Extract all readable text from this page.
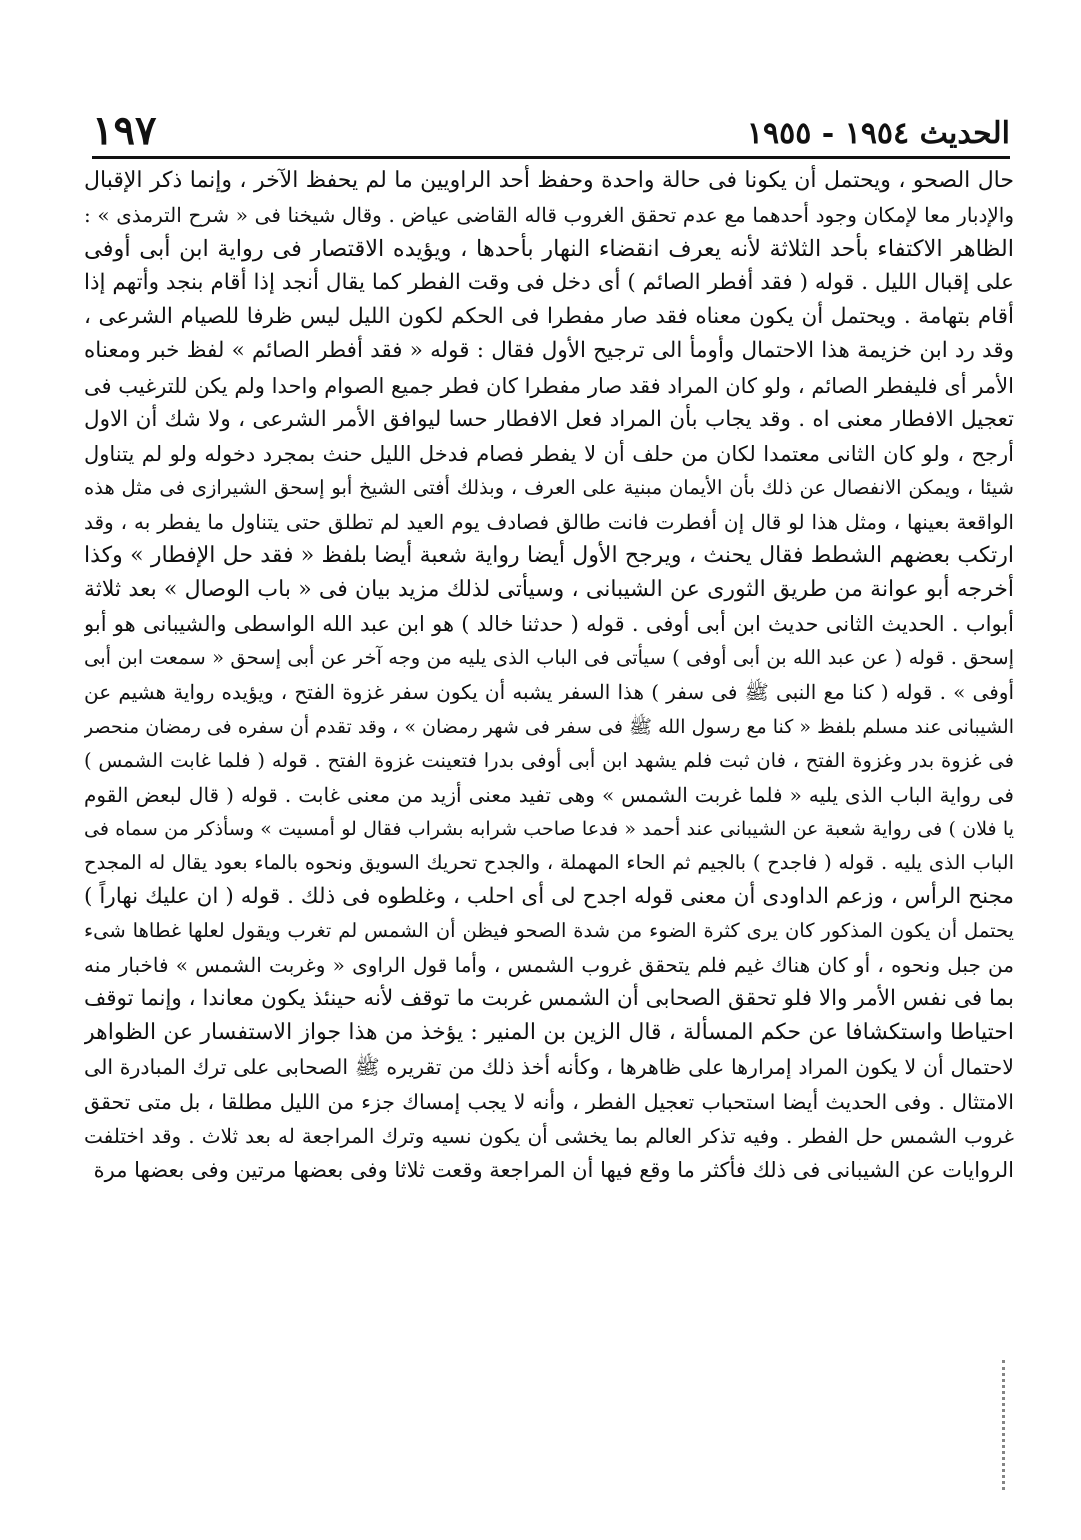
الحديث ١٩٥٤ - ١٩٥٥
١٩٧
حال الصحو ، ويحتمل أن يكونا فى حالة واحدة وحفظ أحد الراويين ما لم يحفظ الآخر ، وإنما ذكر الإقبال
والإدبار معا لإمكان وجود أحدهما مع عدم تحقق الغروب قاله القاضى عياض . وقال شيخنا فى « شرح الترمذى » :
الظاهر الاكتفاء بأحد الثلاثة لأنه يعرف انقضاء النهار بأحدها ، ويؤيده الاقتصار فى رواية ابن أبى أوفى
على إقبال الليل . قوله ( فقد أفطر الصائم ) أى دخل فى وقت الفطر كما يقال أنجد إذا أقام بنجد وأتهم إذا
أقام بتهامة . ويحتمل أن يكون معناه فقد صار مفطرا فى الحكم لكون الليل ليس ظرفا للصيام الشرعى ،
وقد رد ابن خزيمة هذا الاحتمال وأومأ الى ترجيح الأول فقال : قوله « فقد أفطر الصائم » لفظ خبر ومعناه
الأمر أى فليفطر الصائم ، ولو كان المراد فقد صار مفطرا كان فطر جميع الصوام واحدا ولم يكن للترغيب فى
تعجيل الافطار معنى اه . وقد يجاب بأن المراد فعل الافطار حسا ليوافق الأمر الشرعى ، ولا شك أن الاول
أرجح ، ولو كان الثانى معتمدا لكان من حلف أن لا يفطر فصام فدخل الليل حنث بمجرد دخوله ولو لم يتناول
شيئا ، ويمكن الانفصال عن ذلك بأن الأيمان مبنية على العرف ، وبذلك أفتى الشيخ أبو إسحق الشيرازى فى مثل هذه
الواقعة بعينها ، ومثل هذا لو قال إن أفطرت فانت طالق فصادف يوم العيد لم تطلق حتى يتناول ما يفطر به ، وقد
ارتكب بعضهم الشطط فقال يحنث ، ويرجح الأول أيضا رواية شعبة أيضا بلفظ « فقد حل الإفطار » وكذا
أخرجه أبو عوانة من طريق الثورى عن الشيبانى ، وسيأتى لذلك مزيد بيان فى « باب الوصال » بعد ثلاثة
أبواب . الحديث الثانى حديث ابن أبى أوفى . قوله ( حدثنا خالد ) هو ابن عبد الله الواسطى والشيبانى هو أبو
إسحق . قوله ( عن عبد الله بن أبى أوفى ) سيأتى فى الباب الذى يليه من وجه آخر عن أبى إسحق « سمعت ابن أبى
أوفى » . قوله ( كنا مع النبى ﷺ فى سفر ) هذا السفر يشبه أن يكون سفر غزوة الفتح ، ويؤيده رواية هشيم عن
الشيبانى عند مسلم بلفظ « كنا مع رسول الله ﷺ فى سفر فى شهر رمضان » ، وقد تقدم أن سفره فى رمضان منحصر
فى غزوة بدر وغزوة الفتح ، فان ثبت فلم يشهد ابن أبى أوفى بدرا فتعينت غزوة الفتح . قوله ( فلما غابت الشمس )
فى رواية الباب الذى يليه « فلما غربت الشمس » وهى تفيد معنى أزيد من معنى غابت . قوله ( قال لبعض القوم
يا فلان ) فى رواية شعبة عن الشيبانى عند أحمد « فدعا صاحب شرابه بشراب فقال لو أمسيت » وسأذكر من سماه فى
الباب الذى يليه . قوله ( فاجدح ) بالجيم ثم الحاء المهملة ، والجدح تحريك السويق ونحوه بالماء بعود يقال له المجدح
مجنح الرأس ، وزعم الداودى أن معنى قوله اجدح لى أى احلب ، وغلطوه فى ذلك . قوله ( ان عليك نهاراً )
يحتمل أن يكون المذكور كان يرى كثرة الضوء من شدة الصحو فيظن أن الشمس لم تغرب ويقول لعلها غطاها شىء
من جبل ونحوه ، أو كان هناك غيم فلم يتحقق غروب الشمس ، وأما قول الراوى « وغربت الشمس » فاخبار منه
بما فى نفس الأمر والا فلو تحقق الصحابى أن الشمس غربت ما توقف لأنه حينئذ يكون معاندا ، وإنما توقف
احتياطا واستكشافا عن حكم المسألة ، قال الزين بن المنير : يؤخذ من هذا جواز الاستفسار عن الظواهر
لاحتمال أن لا يكون المراد إمرارها على ظاهرها ، وكأنه أخذ ذلك من تقريره ﷺ الصحابى على ترك المبادرة الى
الامتثال . وفى الحديث أيضا استحباب تعجيل الفطر ، وأنه لا يجب إمساك جزء من الليل مطلقا ، بل متى تحقق
غروب الشمس حل الفطر . وفيه تذكر العالم بما يخشى أن يكون نسيه وترك المراجعة له بعد ثلاث . وقد اختلفت
الروايات عن الشيبانى فى ذلك فأكثر ما وقع فيها أن المراجعة وقعت ثلاثا وفى بعضها مرتين وفى بعضها مرة
